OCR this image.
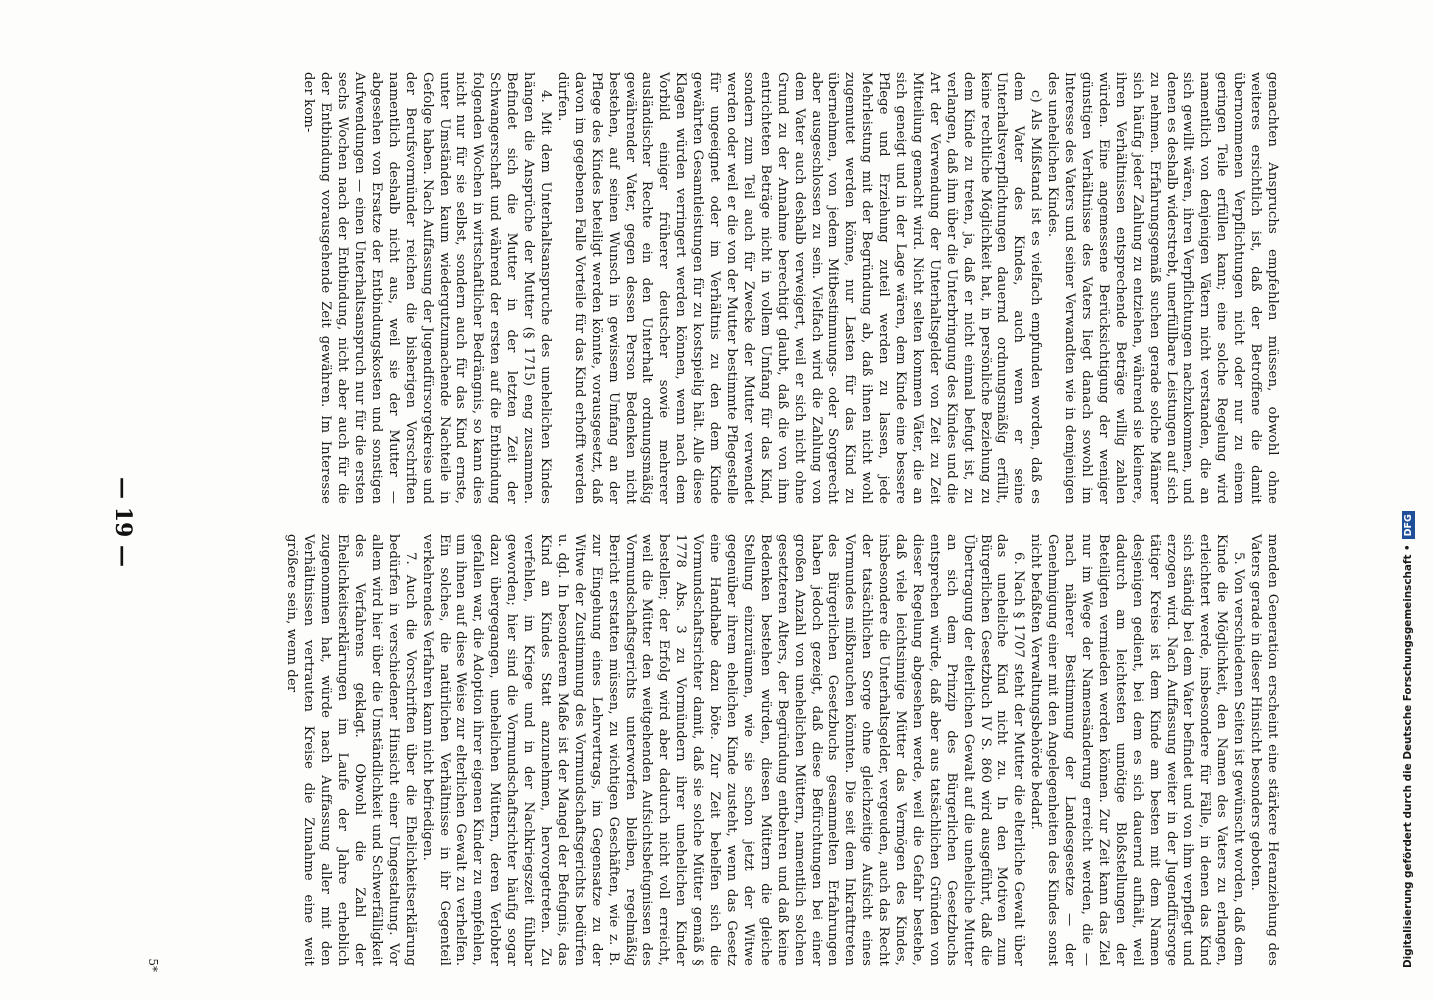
gemachten Anspruchs empfehlen müssen, obwohl ohne weiteres ersichtlich ist, daß der Betroffene die damit übernommenen Verpflichtungen nicht oder nur zu einem geringen Teile erfüllen kann; eine solche Regelung wird namentlich von denjenigen Vätern nicht verstanden, die an sich gewillt wären, ihren Verpflichtungen nachzukommen, und denen es deshalb widerstrebt, unerfüllbare Leistungen auf sich zu nehmen. Erfahrungsgemäß suchen gerade solche Männer sich häufig jeder Zahlung zu entziehen, während sie kleinere, ihren Verhältnissen entsprechende Beträge willig zahlen würden. Eine angemessene Berücksichtigung der weniger günstigen Verhältnisse des Vaters liegt danach sowohl im Interesse des Vaters und seiner Verwandten wie in demjenigen des unehelichen Kindes.

c) Als Mißstand ist es vielfach empfunden worden, daß es dem Vater des Kindes, auch wenn er seine Unterhaltsverpflichtungen dauernd ordnungsmäßig erfüllt, keine rechtliche Möglichkeit hat, in persönliche Beziehung zu dem Kinde zu treten, ja, daß er nicht einmal befugt ist, zu verlangen, daß ihm über die Unterbringung des Kindes und die Art der Verwendung der Unterhaltsgelder von Zeit zu Zeit Mitteilung gemacht wird. Nicht selten kommen Väter, die an sich geneigt und in der Lage wären, dem Kinde eine bessere Pflege und Erziehung zuteil werden zu lassen, jede Mehrleistung mit der Begründung ab, daß ihnen nicht wohl zugemutet werden könne, nur Lasten für das Kind zu übernehmen, von jedem Mitbestimmungs- oder Sorgerecht aber ausgeschlossen zu sein. Vielfach wird die Zahlung von dem Vater auch deshalb verweigert, weil er sich nicht ohne Grund zu der Annahme berechtigt glaubt, daß die von ihm entrichteten Beträge nicht in vollem Umfang für das Kind, sondern zum Teil auch für Zwecke der Mutter verwendet werden oder weil er die von der Mutter bestimmte Pflegestelle für ungeeignet oder im Verhältnis zu den dem Kinde gewährten Gesamtleistungen für zu kostspielig hält. Alle diese Klagen würden verringert werden können, wenn nach dem Vorbild einiger früherer deutscher sowie mehrerer ausländischer Rechte ein den Unterhalt ordnungsmäßig gewährender Vater, gegen dessen Person Bedenken nicht bestehen, auf seinen Wunsch in gewissem Umfang an der Pflege des Kindes beteiligt werden könnte, vorausgesetzt, daß davon im gegebenen Falle Vorteile für das Kind erhofft werden dürfen.

4. Mit dem Unterhaltsanspruche des unehelichen Kindes hängen die Ansprüche der Mutter (§ 1715) eng zusammen. Befindet sich die Mutter in der letzten Zeit der Schwangerschaft und während der ersten auf die Entbindung folgenden Wochen in wirtschaftlicher Bedrängnis, so kann dies nicht nur für sie selbst, sondern auch für das Kind ernste, unter Umständen kaum wiedergutzumachende Nachteile in Gefolge haben. Nach Auffassung der Jugendfürsorgekreise und der Berufsvormünder reichen die bisherigen Vorschriften namentlich deshalb nicht aus, weil sie der Mutter — abgesehen von Ersatze der Entbindungskosten und sonstigen Aufwendungen — einen Unterhaltsanspruch nur für die ersten sechs Wochen nach der Entbindung, nicht aber auch für die der Entbindung vorausgehende Zeit gewähren. Im Interesse der kom-

menden Generation erscheint eine stärkere Heranziehung des Vaters gerade in dieser Hinsicht besonders geboten.

5. Von verschiedenen Seiten ist gewünscht worden, daß dem Kinde die Möglichkeit, den Namen des Vaters zu erlangen, erleichtert werde, insbesondere für Fälle, in denen das Kind sich ständig bei dem Vater befindet und von ihm verpflegt und erzogen wird. Nach Auffassung weiter in der Jugendfürsorge tätiger Kreise ist dem Kinde am besten mit dem Namen desjenigen gedient, bei dem es sich dauernd aufhält, weil dadurch am leichtesten unnötige Bloßstellungen der Beteiligten vermieden werden können. Zur Zeit kann das Ziel nur im Wege der Namensänderung erreicht werden, die — nach näherer Bestimmung der Landesgesetze — der Genehmigung einer mit den Angelegenheiten des Kindes sonst nicht befaßten Verwaltungsbehörde bedarf.

6. Nach § 1707 steht der Mutter die elterliche Gewalt über das uneheliche Kind nicht zu. In den Motiven zum Bürgerlichen Gesetzbuch IV S. 860 wird ausgeführt, daß die Übertragung der elterlichen Gewalt auf die uneheliche Mutter an sich dem Prinzip des Bürgerlichen Gesetzbuchs entsprechen würde, daß aber aus tatsächlichen Gründen von dieser Regelung abgesehen werde, weil die Gefahr bestehe, daß viele leichtsinnige Mütter das Vermögen des Kindes, insbesondere die Unterhaltsgelder, vergeuden, auch das Recht der tatsächlichen Sorge ohne gleichzeitige Aufsicht eines Vormundes mißbrauchen könnten. Die seit dem Inkrafttreten des Bürgerlichen Gesetzbuchs gesammelten Erfahrungen haben jedoch gezeigt, daß diese Befürchtungen bei einer großen Anzahl von unehelichen Müttern, namentlich solchen gesetzteren Alters, der Begründung entbehren und daß keine Bedenken bestehen würden, diesen Müttern die gleiche Stellung einzuräumen, wie sie schon jetzt der Witwe gegenüber ihrem ehelichen Kinde zusteht, wenn das Gesetz eine Handhabe dazu böte. Zur Zeit behelfen sich die Vormundschaftsrichter damit, daß sie solche Mütter gemäß § 1778 Abs. 3 zu Vormündern ihrer unehelichen Kinder bestellen; der Erfolg wird aber dadurch nicht voll erreicht, weil die Mütter den weitgehenden Aufsichtsbefugnissen des Vormundschaftsgerichts unterworfen bleiben, regelmäßig Bericht erstatten müssen, zu wichtigen Geschäften, wie z. B. zur Eingehung eines Lehrvertrags, im Gegensatze zu der Witwe der Zustimmung des Vormundschaftsgerichts bedürfen u. dgl. In besonderem Maße ist der Mangel der Befugnis, das Kind an Kindes Statt anzunehmen, hervorgetreten. Zu verfehlen, im Kriege und in der Nachkriegszeit fühlbar geworden; hier sind die Vormundschaftsrichter häufig sogar dazu übergegangen, unehelichen Müttern, deren Verlobter gefallen war, die Adoption ihrer eigenen Kinder zu empfehlen, um ihnen auf diese Weise zur elterlichen Gewalt zu verhelfen. Ein solches, die natürlichen Verhältnisse in ihr Gegenteil verkehrendes Verfahren kann nicht befriedigen.

7. Auch die Vorschriften über die Ehelichkeitserklärung bedürfen in verschiedener Hinsicht einer Umgestaltung. Vor allem wird hier über die Umständlichkeit und Schwerfälligkeit des Verfahrens geklagt. Obwohl die Zahl der Ehelichkeitserklärungen im Laufe der Jahre erheblich zugenommen hat, würde nach Auffassung aller mit den Verhältnissen vertrauten Kreise die Zunahme eine weit größere sein, wenn der

5*
— 19 —
Digitalisierung gefördert durch die Deutsche Forschungsgemeinschaft •
DFG
